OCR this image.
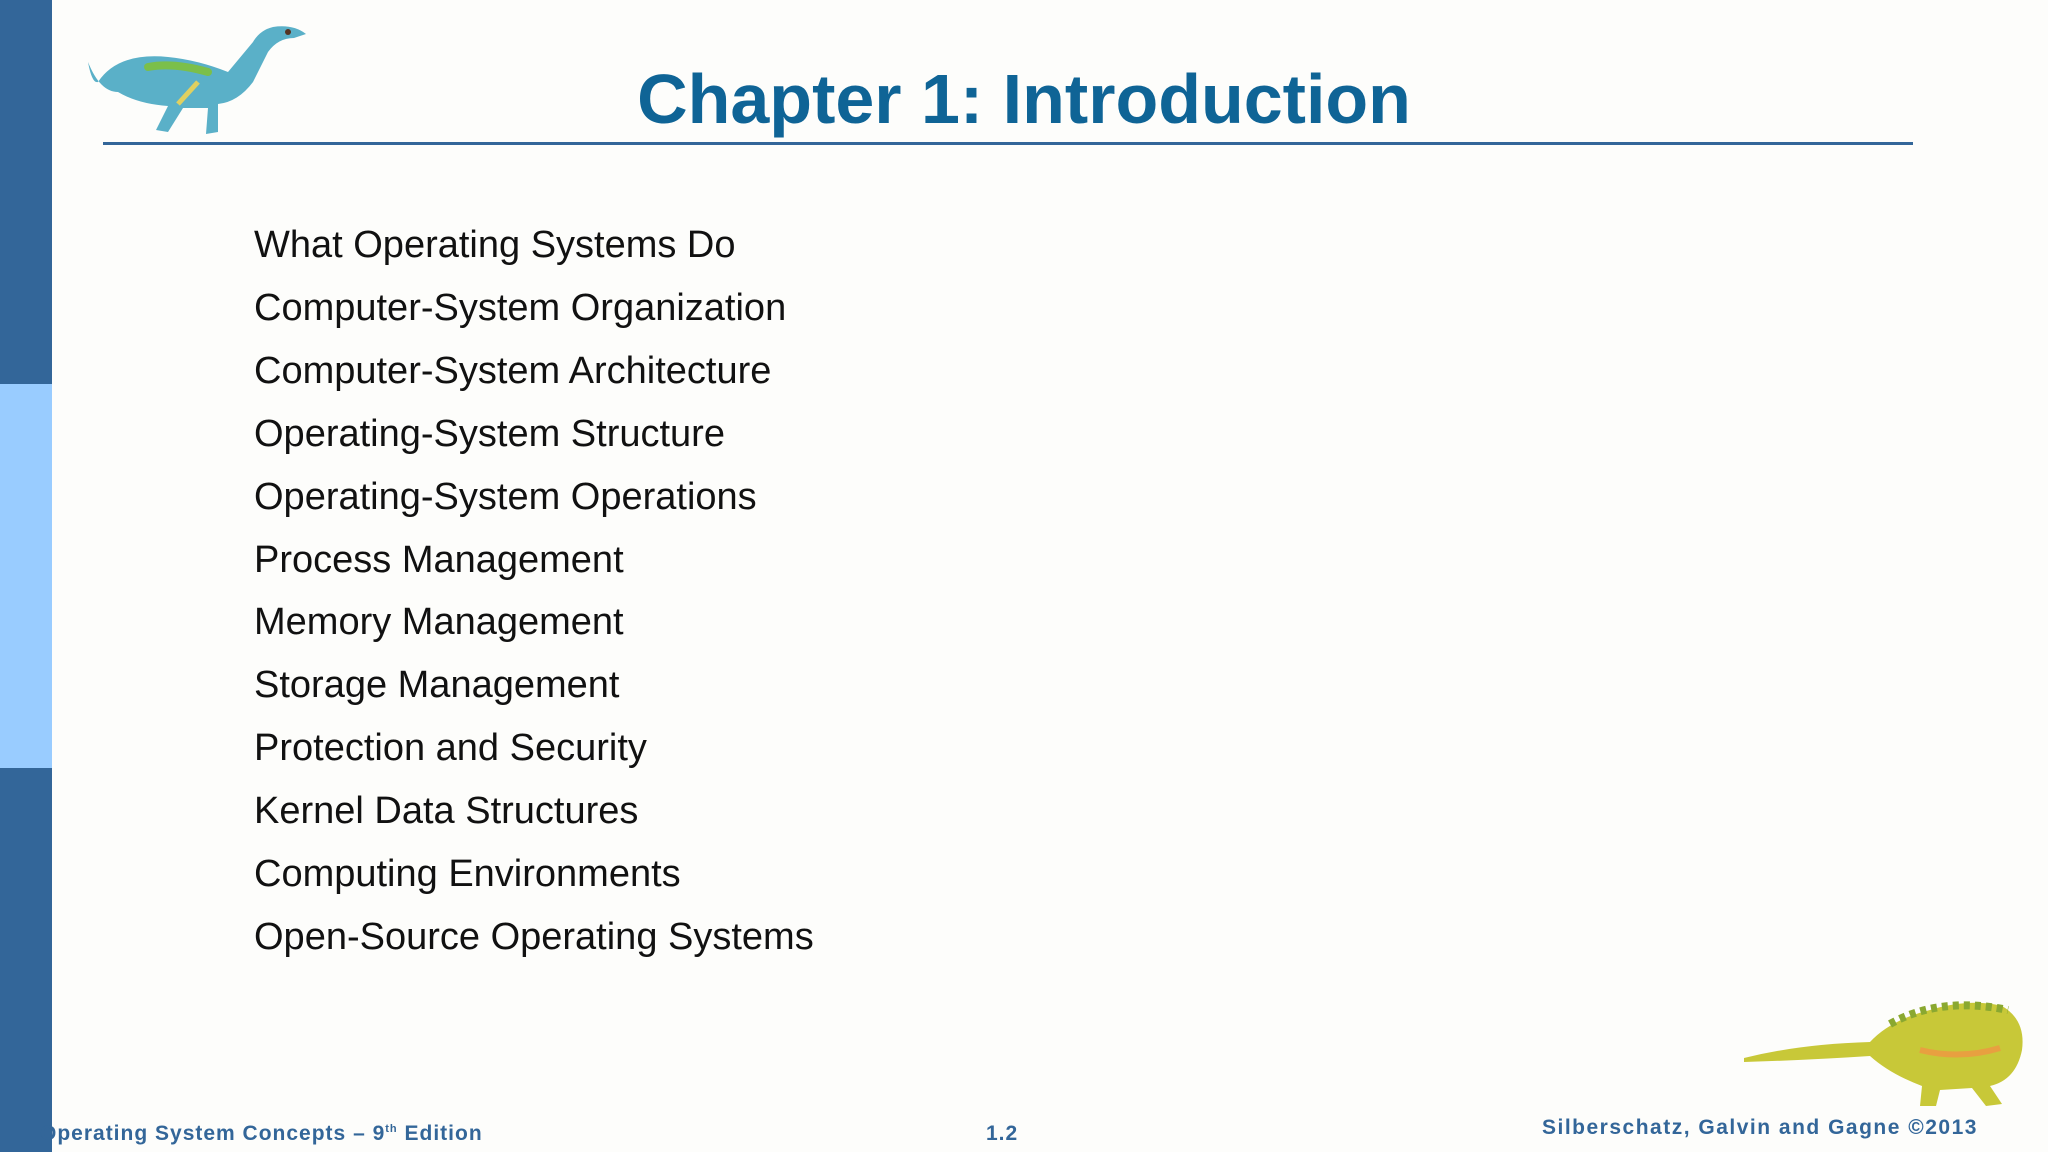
Chapter 1: Introduction
What Operating Systems Do
Computer-System Organization
Computer-System Architecture
Operating-System Structure
Operating-System Operations
Process Management
Memory Management
Storage Management
Protection and Security
Kernel Data Structures
Computing Environments
Open-Source Operating Systems
Operating System Concepts – 9th Edition	1.2	Silberschatz, Galvin and Gagne ©2013
